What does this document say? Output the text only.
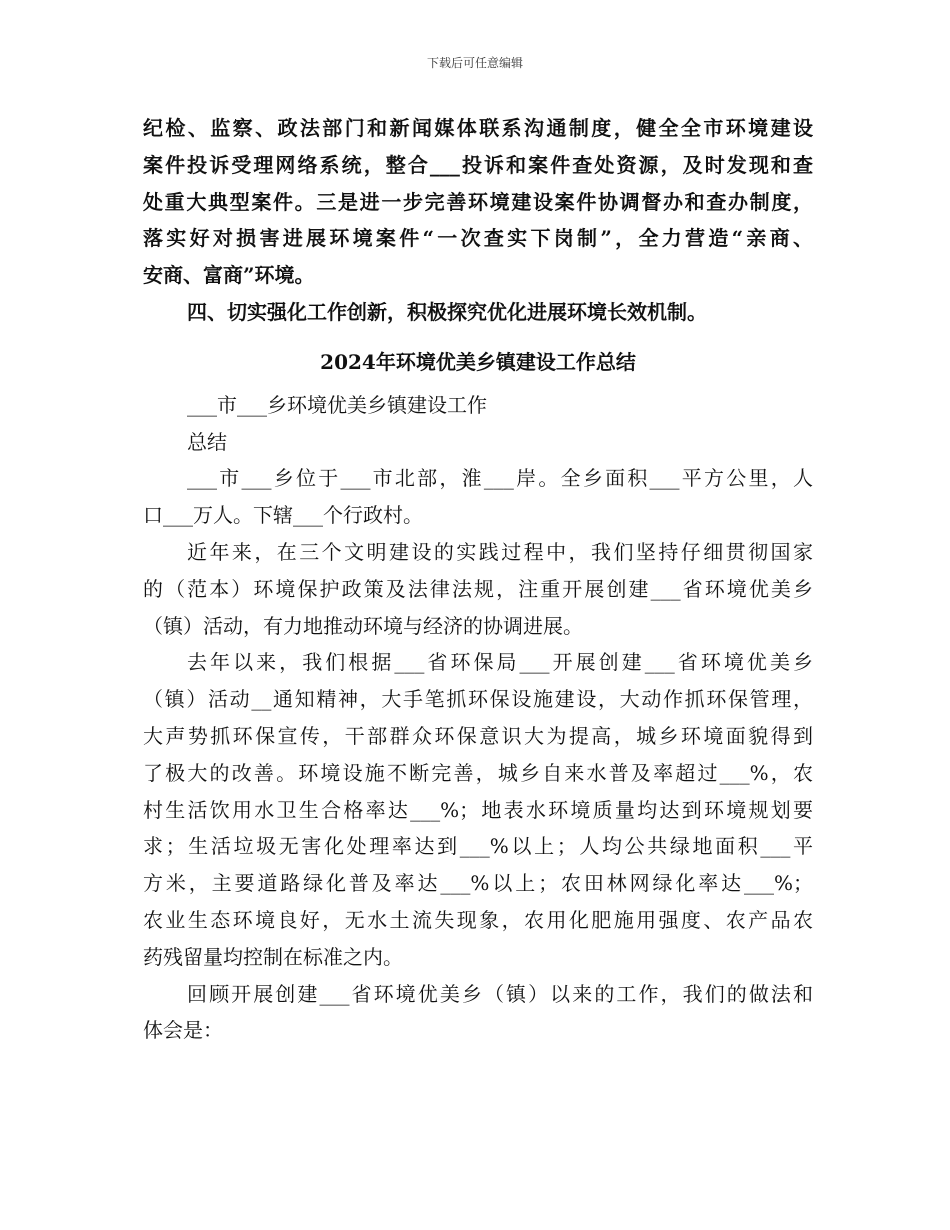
下载后可任意编辑
纪检、监察、政法部门和新闻媒体联系沟通制度，健全全市环境建设
案件投诉受理网络系统，整合___投诉和案件查处资源，及时发现和查
处重大典型案件。三是进一步完善环境建设案件协调督办和查办制度，
落实好对损害进展环境案件“一次查实下岗制”，全力营造“亲商、
安商、富商”环境。
四、切实强化工作创新，积极探究优化进展环境长效机制。
2024年环境优美乡镇建设工作总结
___市___乡环境优美乡镇建设工作
总结
___市___乡位于___市北部，淮___岸。全乡面积___平方公里，人
口___万人。下辖___个行政村。
近年来，在三个文明建设的实践过程中，我们坚持仔细贯彻国家
的（范本）环境保护政策及法律法规，注重开展创建___省环境优美乡
（镇）活动，有力地推动环境与经济的协调进展。
去年以来，我们根据___省环保局___开展创建___省环境优美乡
（镇）活动__通知精神，大手笔抓环保设施建设，大动作抓环保管理，
大声势抓环保宣传，干部群众环保意识大为提高，城乡环境面貌得到
了极大的改善。环境设施不断完善，城乡自来水普及率超过___%，农
村生活饮用水卫生合格率达___%；地表水环境质量均达到环境规划要
求；生活垃圾无害化处理率达到___%以上；人均公共绿地面积___平
方米，主要道路绿化普及率达___%以上；农田林网绿化率达___%；
农业生态环境良好，无水土流失现象，农用化肥施用强度、农产品农
药残留量均控制在标准之内。
回顾开展创建___省环境优美乡（镇）以来的工作，我们的做法和
体会是：
